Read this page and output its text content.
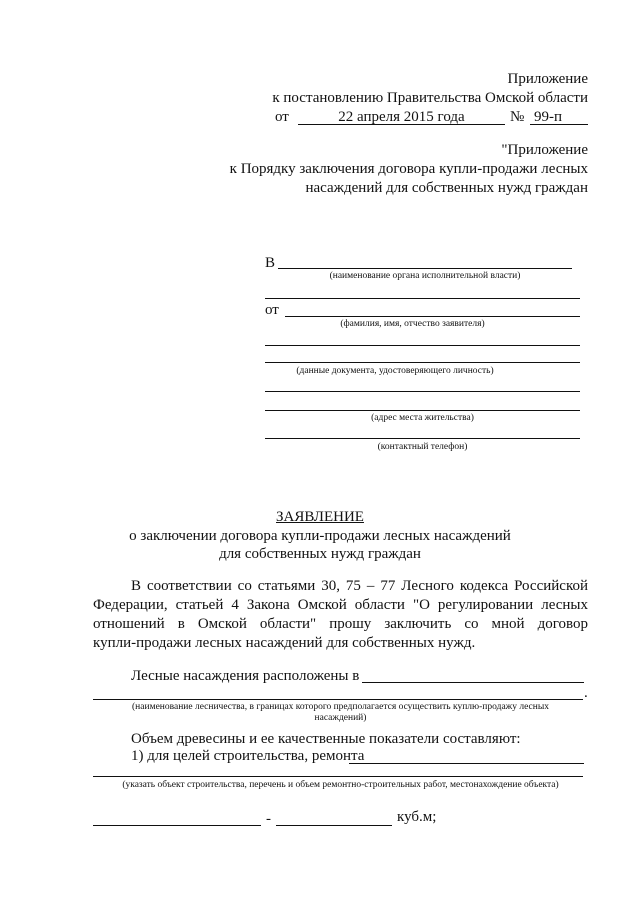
Приложение
к постановлению Правительства Омской области
от	22 апреля 2015 года	№ 99-п
"Приложение
к Порядку заключения договора купли-продажи лесных
насаждений для собственных нужд граждан
В
(наименование органа исполнительной власти)
от
(фамилия, имя, отчество заявителя)
(данные документа, удостоверяющего личность)
(адрес места жительства)
(контактный телефон)
ЗАЯВЛЕНИЕ
о заключении договора купли-продажи лесных насаждений
для собственных нужд граждан
В соответствии со статьями 30, 75 – 77 Лесного кодекса Российской
Федерации, статьей 4 Закона Омской области "О регулировании лесных
отношений в Омской области" прошу заключить со мной договор
купли-продажи лесных насаждений для собственных нужд.
Лесные насаждения расположены в
.
(наименование лесничества, в границах которого предполагается осуществить куплю-продажу лесных
насаждений)
Объем древесины и ее качественные показатели составляют:
1) для целей строительства, ремонта
(указать объект строительства, перечень и объем ремонтно-строительных работ, местонахождение объекта)
-	куб.м;
